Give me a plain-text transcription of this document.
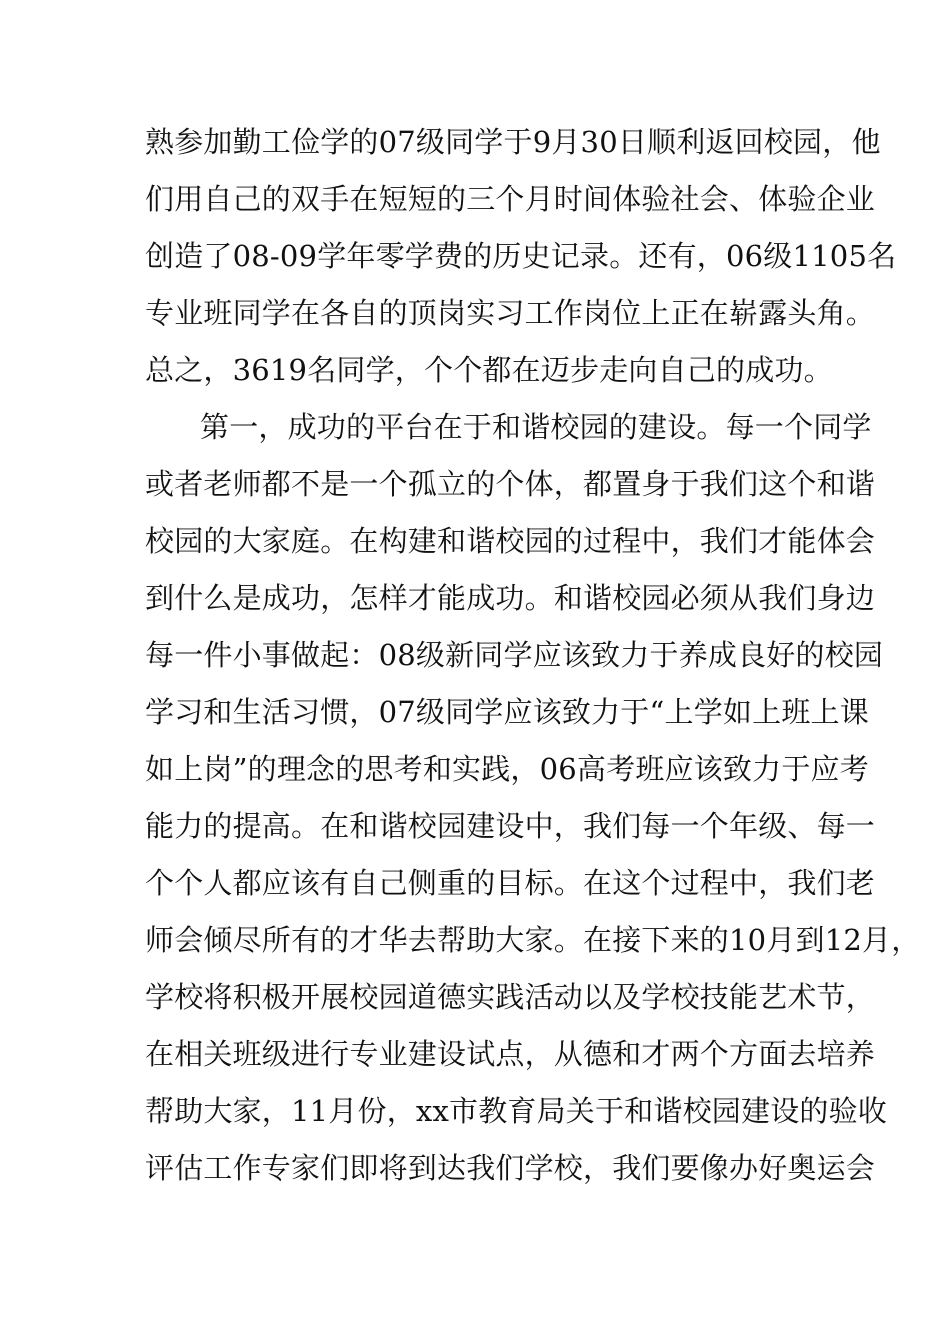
熟参加勤工俭学的07级同学于9月30日顺利返回校园，他
们用自己的双手在短短的三个月时间体验社会、体验企业
创造了08-09学年零学费的历史记录。还有，06级1105名
专业班同学在各自的顶岗实习工作岗位上正在崭露头角。
总之，3619名同学，个个都在迈步走向自己的成功。
第一，成功的平台在于和谐校园的建设。每一个同学
或者老师都不是一个孤立的个体，都置身于我们这个和谐
校园的大家庭。在构建和谐校园的过程中，我们才能体会
到什么是成功，怎样才能成功。和谐校园必须从我们身边
每一件小事做起：08级新同学应该致力于养成良好的校园
学习和生活习惯，07级同学应该致力于“上学如上班上课
如上岗”的理念的思考和实践，06高考班应该致力于应考
能力的提高。在和谐校园建设中，我们每一个年级、每一
个个人都应该有自己侧重的目标。在这个过程中，我们老
师会倾尽所有的才华去帮助大家。在接下来的10月到12月，
学校将积极开展校园道德实践活动以及学校技能艺术节，
在相关班级进行专业建设试点，从德和才两个方面去培养
帮助大家，11月份，xx市教育局关于和谐校园建设的验收
评估工作专家们即将到达我们学校，我们要像办好奥运会
